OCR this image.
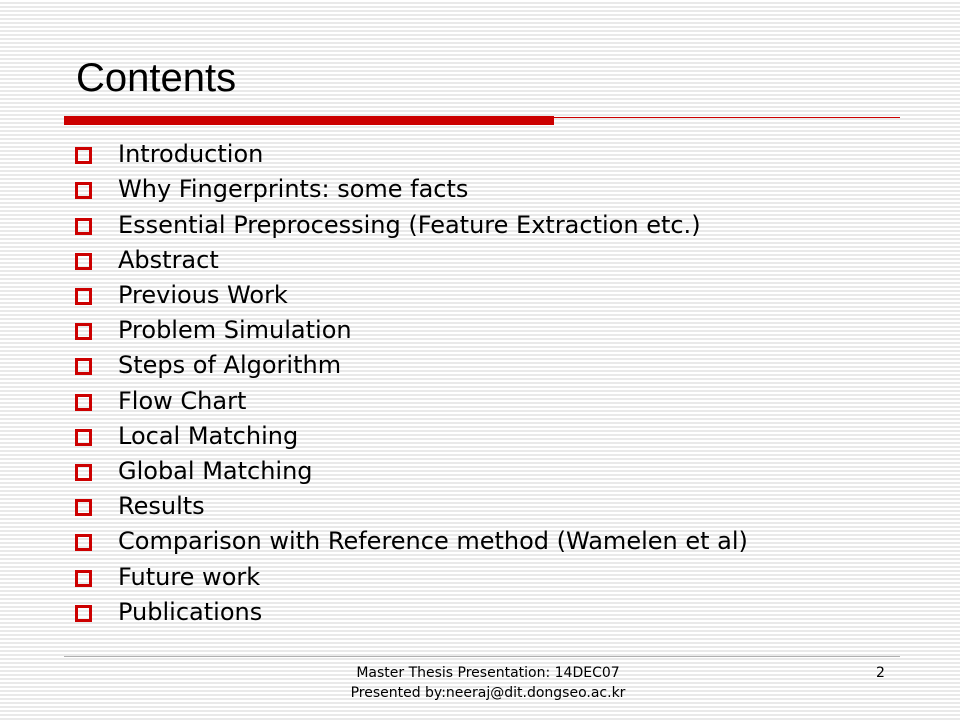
Contents
Introduction
Why Fingerprints: some facts
Essential Preprocessing (Feature Extraction etc.)
Abstract
Previous Work
Problem Simulation
Steps of Algorithm
Flow Chart
Local Matching
Global Matching
Results
Comparison with Reference method (Wamelen et al)
Future work
Publications
Master Thesis Presentation: 14DEC07
Presented by:neeraj@dit.dongseo.ac.kr
2
